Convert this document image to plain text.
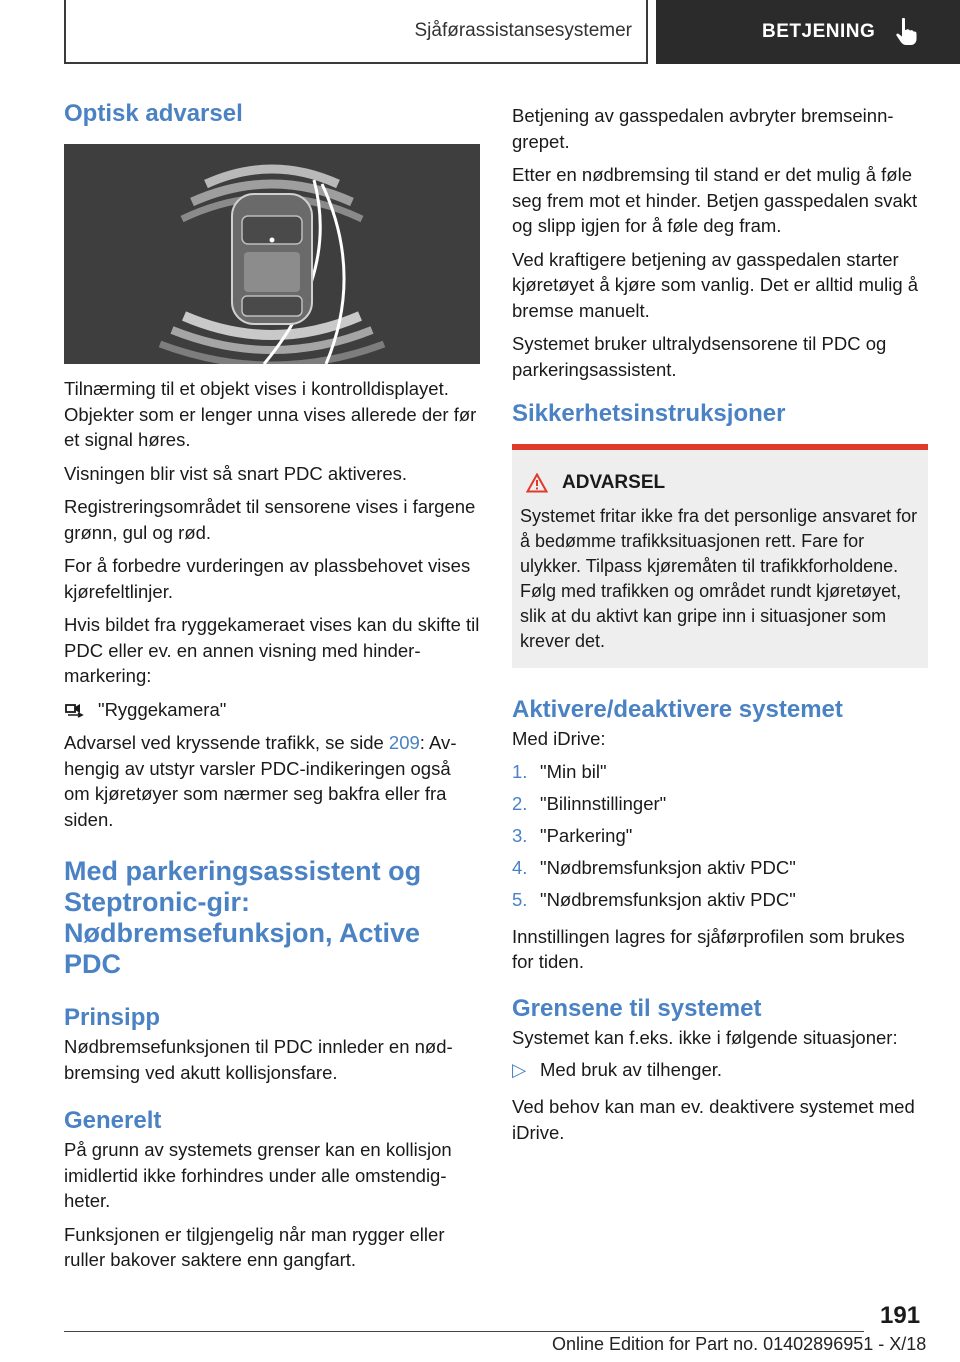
Sjåførassistansesystemer	BETJENING
Optisk advarsel

Tilnærming til et objekt vises i kontrolldisplayet. Objekter som er lenger unna vises allerede der før et signal høres.

Visningen blir vist så snart PDC aktiveres.

Registreringsområdet til sensorene vises i fargene grønn, gul og rød.

For å forbedre vurderingen av plassbehovet vises kjørefeltlinjer.

Hvis bildet fra ryggekameraet vises kan du skifte til PDC eller ev. en annen visning med hindermarkering:

"Ryggekamera"

Advarsel ved kryssende trafikk, se side 209: Avhengig av utstyr varsler PDC-indikeringen også om kjøretøyer som nærmer seg bakfra eller fra siden.

Med parkeringsassistent og Steptronic-gir: Nødbremsefunksjon, Active PDC
Prinsipp

Nødbremsefunksjonen til PDC innleder en nødbremsing ved akutt kollisjonsfare.

Generelt

På grunn av systemets grenser kan en kollisjon imidlertid ikke forhindres under alle omstendigheter.

Funksjonen er tilgjengelig når man rygger eller ruller bakover saktere enn gangfart.

Betjening av gasspedalen avbryter bremseinngrepet.

Etter en nødbremsing til stand er det mulig å føle seg frem mot et hinder. Betjen gasspedalen svakt og slipp igjen for å føle deg fram.

Ved kraftigere betjening av gasspedalen starter kjøretøyet å kjøre som vanlig. Det er alltid mulig å bremse manuelt.

Systemet bruker ultralydsensorene til PDC og parkeringsassistent.

Sikkerhetsinstruksjoner
ADVARSEL

Systemet fritar ikke fra det personlige ansvaret for å bedømme trafikksituasjonen rett. Fare for ulykker. Tilpass kjøremåten til trafikkforholdene. Følg med trafikken og området rundt kjøretøyet, slik at du aktivt kan gripe inn i situasjoner som krever det.

Aktivere/deaktivere systemet

Med iDrive:

1. "Min bil"
2. "Bilinnstillinger"
3. "Parkering"
4. "Nødbremsfunksjon aktiv PDC"
5. "Nødbremsfunksjon aktiv PDC"

Innstillingen lagres for sjåførprofilen som brukes for tiden.

Grensene til systemet

Systemet kan f.eks. ikke i følgende situasjoner:

▷ Med bruk av tilhenger.

Ved behov kan man ev. deaktivere systemet med iDrive.

191
Online Edition for Part no. 01402896951 - X/18
